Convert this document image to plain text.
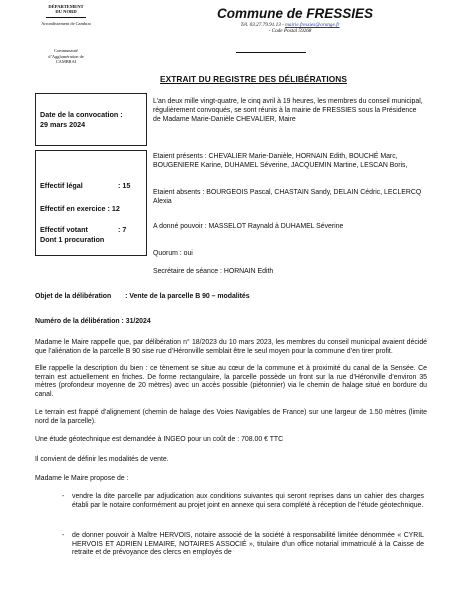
DÉPARTEMENT
DU NORD
Arrondissement de Cambrai
Communauté
d’Agglomération de
CAMBRAI
Commune de FRESSIES
Tél. 03.27.79.91.13 - mairie.fressies@orange.fr
- Code Postal 59268
EXTRAIT DU REGISTRE DES DÉLIBÉRATIONS
Date de la convocation :
29 mars 2024
Effectif légal	: 15
Effectif en exercice : 12
Effectif votant	: 7
Dont 1 procuration
L’an deux mille vingt-quatre, le cinq avril à 19 heures, les membres du conseil municipal, régulièrement convoqués, se sont réunis à la mairie de FRESSIES sous la Présidence de Madame Marie-Danièle CHEVALIER, Maire
Etaient présents : CHEVALIER Marie-Danièle, HORNAIN Edith, BOUCHÉ Marc, BOUGENIERE Karine, DUHAMEL Séverine, JACQUEMIN Martine, LESCAN Boris,
Etaient absents : BOURGEOIS Pascal, CHASTAIN Sandy, DELAIN Cédric, LECLERCQ Alexia
A donné pouvoir : MASSELOT Raynald à DUHAMEL Séverine
Quorum : oui
Secrétaire de séance : HORNAIN Edith
Objet de la délibération : Vente de la parcelle B 90 – modalités
Numéro de la délibération : 31/2024
Madame le Maire rappelle que, par délibération n° 18/2023 du 10 mars 2023, les membres du conseil municipal avaient décidé que l’aliénation de la parcelle B 90 sise rue d’Héronville semblait être le seul moyen pour la commune d’en tirer profit.
Elle rappelle la description du bien : ce tènement se situe au cœur de la commune et à proximité du canal de la Sensée. Ce terrain est actuellement en friches. De forme rectangulaire, la parcelle possède un front sur la rue d’Héronville d’environ 35 mètres (profondeur moyenne de 20 mètres) avec un accès possible (piétonnier) via le chemin de halage situé en bordure du canal.
Le terrain est frappé d’alignement (chemin de halage des Voies Navigables de France) sur une largeur de 1.50 mètres (limite nord de la parcelle).
Une étude géotechnique est demandée à INGEO pour un coût de : 708.00 € TTC
Il convient de définir les modalités de vente.
Madame le Maire propose de :
-	vendre la dite parcelle par adjudication aux conditions suivantes qui seront reprises dans un cahier des charges établi par le notaire conformément au projet joint en annexe qui sera complété à réception de l’étude géotechnique.
-	de donner pouvoir à Maître HERVOIS, notaire associé de la société à responsabilité limitée dénommée « CYRIL HERVOIS ET ADRIEN LEMAIRE, NOTAIRES ASSOCIÉ », titulaire d’un office notarial immatriculé à la Caisse de retraite et de prévoyance des clercs en employés de
